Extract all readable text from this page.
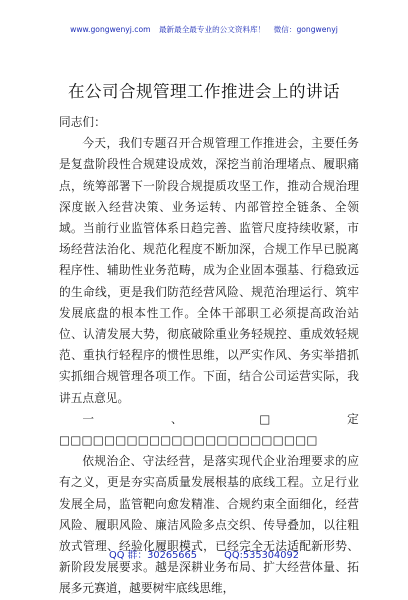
www.gongwenyj.com 最新最全最专业的公文资料库！ 微信：gongwenyj
在公司合规管理工作推进会上的讲话

同志们：

今天，我们专题召开合规管理工作推进会，主要任务是复盘阶段性合规建设成效，深挖当前治理堵点、履职痛点，统筹部署下一阶段合规提质攻坚工作，推动合规治理深度嵌入经营决策、业务运转、内部管控全链条、全领域。当前行业监管体系日趋完善、监管尺度持续收紧，市场经营法治化、规范化程度不断加深，合规工作早已脱离程序性、辅助性业务范畴，成为企业固本强基、行稳致远的生命线，更是我们防范经营风险、规范治理运行、筑牢发展底盘的根本性工作。全体干部职工必须提高政治站位、认清发展大势，彻底破除重业务轻规控、重成效轻规范、重执行轻程序的惯性思维，以严实作风、务实举措抓实抓细合规管理各项工作。下面，结合公司运营实际，我讲五点意见。

一、□定□□□□□□□□□□□□□□□□□□□□□□□

依规治企、守法经营，是落实现代企业治理要求的应有之义，更是夯实高质量发展根基的底线工程。立足行业发展全局，监管靶向愈发精准、合规约束全面细化，经营风险、履职风险、廉洁风险多点交织、传导叠加，以往粗放式管理、经验化履职模式，已经完全无法适配新形势、新阶段发展要求。越是深耕业务布局、扩大经营体量、拓展多元赛道，越要树牢底线思维，

QQ 群：30265665	QQ:535304092
